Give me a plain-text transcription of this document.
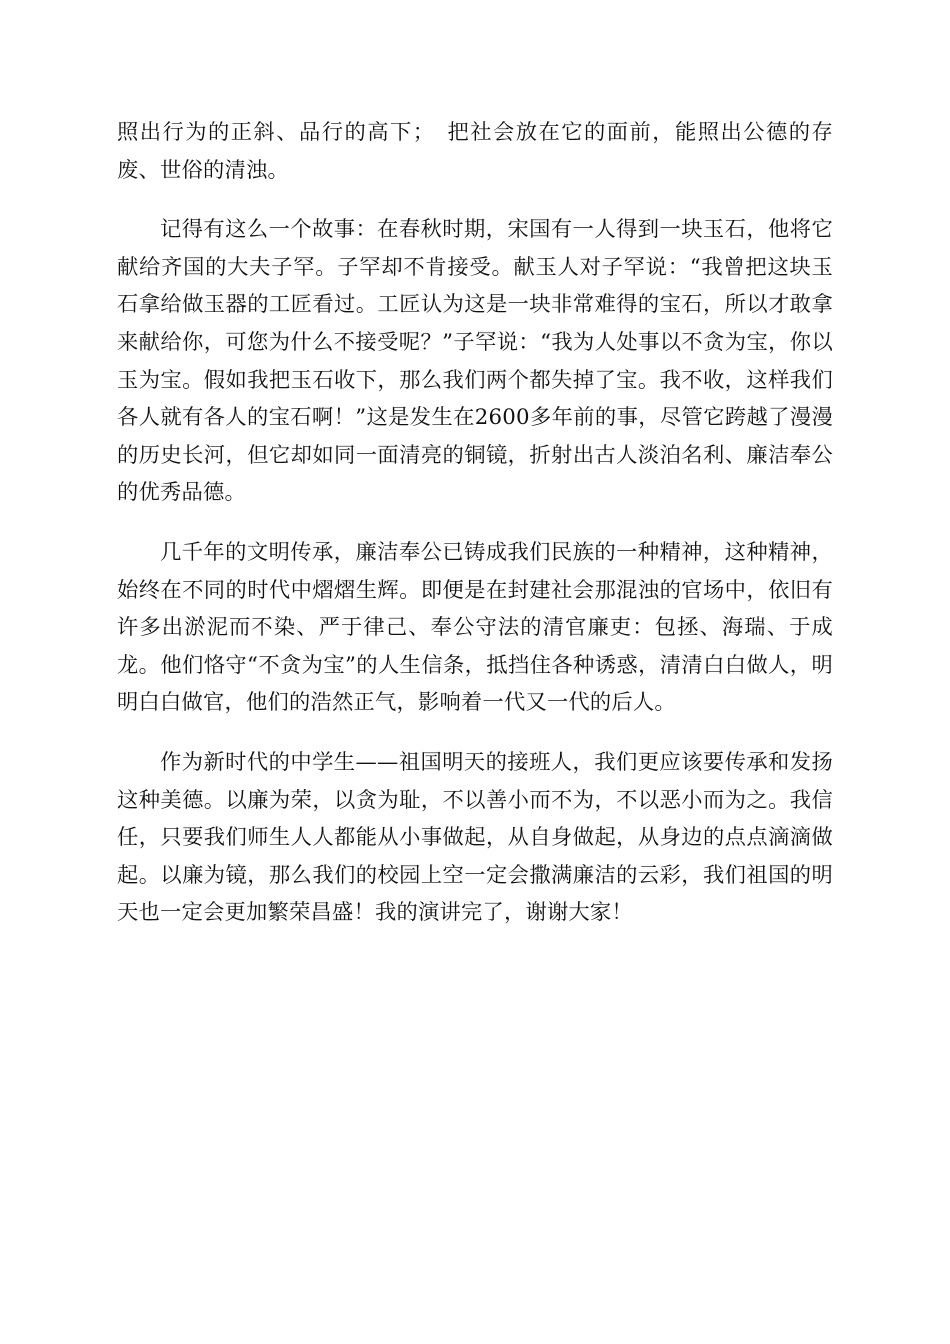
照出行为的正斜、品行的高下；　把社会放在它的面前，能照出公德的存废、世俗的清浊。

记得有这么一个故事：在春秋时期，宋国有一人得到一块玉石，他将它献给齐国的大夫子罕。子罕却不肯接受。献玉人对子罕说：“我曾把这块玉石拿给做玉器的工匠看过。工匠认为这是一块非常难得的宝石，所以才敢拿来献给你，可您为什么不接受呢？”子罕说：“我为人处事以不贪为宝，你以玉为宝。假如我把玉石收下，那么我们两个都失掉了宝。我不收，这样我们各人就有各人的宝石啊！”这是发生在2600多年前的事，尽管它跨越了漫漫的历史长河，但它却如同一面清亮的铜镜，折射出古人淡泊名利、廉洁奉公的优秀品德。

几千年的文明传承，廉洁奉公已铸成我们民族的一种精神，这种精神，始终在不同的时代中熠熠生辉。即便是在封建社会那混浊的官场中，依旧有许多出淤泥而不染、严于律己、奉公守法的清官廉吏：包拯、海瑞、于成龙。他们恪守“不贪为宝”的人生信条，抵挡住各种诱惑，清清白白做人，明明白白做官，他们的浩然正气，影响着一代又一代的后人。

作为新时代的中学生——祖国明天的接班人，我们更应该要传承和发扬这种美德。以廉为荣，以贪为耻，不以善小而不为，不以恶小而为之。我信任，只要我们师生人人都能从小事做起，从自身做起，从身边的点点滴滴做起。以廉为镜，那么我们的校园上空一定会撒满廉洁的云彩，我们祖国的明天也一定会更加繁荣昌盛！我的演讲完了，谢谢大家！
